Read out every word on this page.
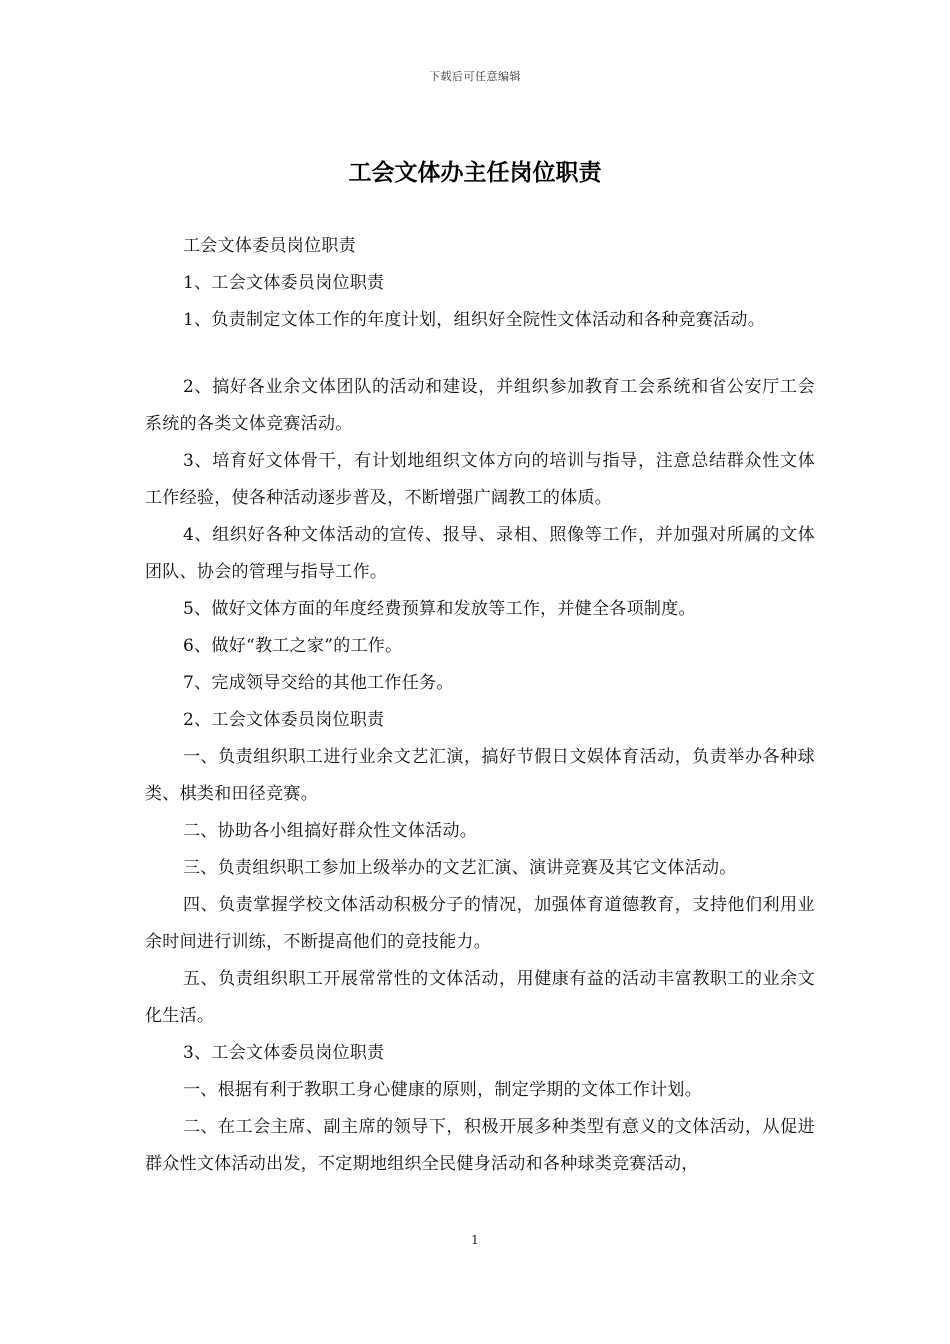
下载后可任意编辑
工会文体办主任岗位职责

工会文体委员岗位职责

1、工会文体委员岗位职责

1、负责制定文体工作的年度计划，组织好全院性文体活动和各种竞赛活动。

2、搞好各业余文体团队的活动和建设，并组织参加教育工会系统和省公安厅工会系统的各类文体竞赛活动。

3、培育好文体骨干，有计划地组织文体方向的培训与指导，注意总结群众性文体工作经验，使各种活动逐步普及，不断增强广阔教工的体质。

4、组织好各种文体活动的宣传、报导、录相、照像等工作，并加强对所属的文体团队、协会的管理与指导工作。

5、做好文体方面的年度经费预算和发放等工作，并健全各项制度。

6、做好“教工之家”的工作。

7、完成领导交给的其他工作任务。

2、工会文体委员岗位职责

一、负责组织职工进行业余文艺汇演，搞好节假日文娱体育活动，负责举办各种球类、棋类和田径竞赛。

二、协助各小组搞好群众性文体活动。

三、负责组织职工参加上级举办的文艺汇演、演讲竞赛及其它文体活动。

四、负责掌握学校文体活动积极分子的情况，加强体育道德教育，支持他们利用业余时间进行训练，不断提高他们的竞技能力。

五、负责组织职工开展常常性的文体活动，用健康有益的活动丰富教职工的业余文化生活。

3、工会文体委员岗位职责

一、根据有利于教职工身心健康的原则，制定学期的文体工作计划。

二、在工会主席、副主席的领导下，积极开展多种类型有意义的文体活动，从促进群众性文体活动出发，不定期地组织全民健身活动和各种球类竞赛活动，

1
